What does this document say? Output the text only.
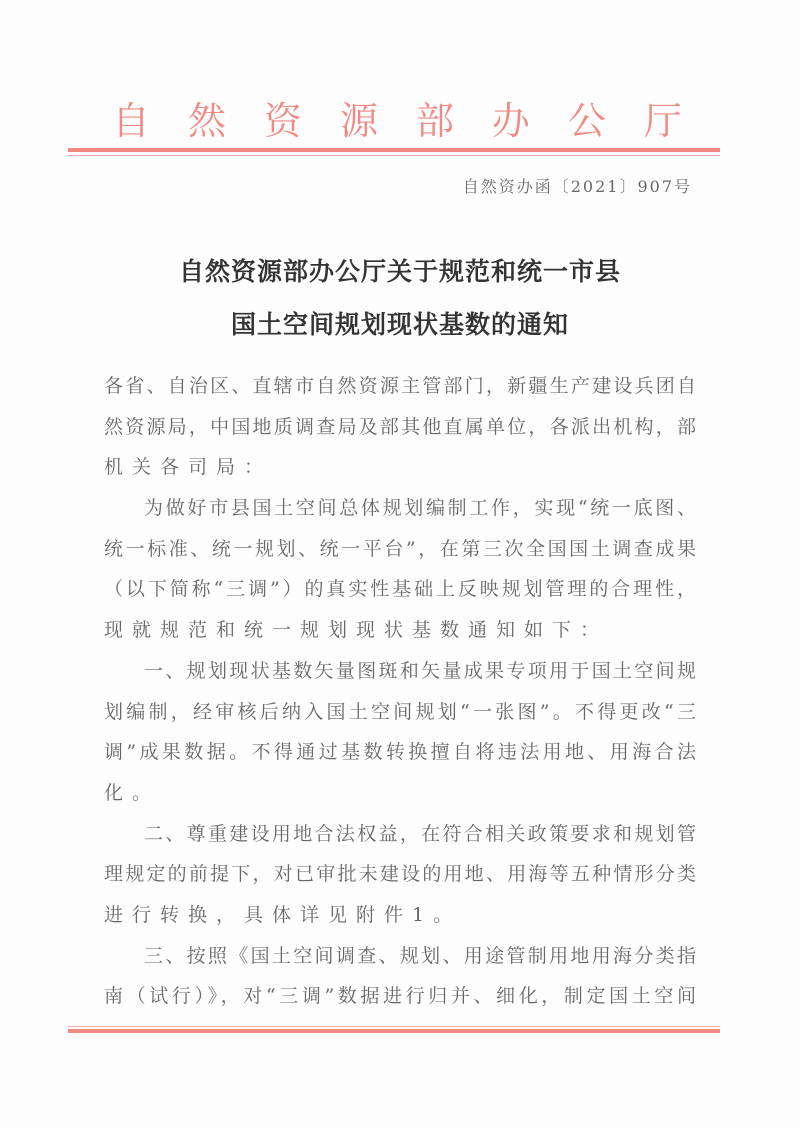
自 然 资 源 部 办 公 厅
自然资办函〔2021〕907号
自然资源部办公厅关于规范和统一市县
国土空间规划现状基数的通知
各省、自治区、直辖市自然资源主管部门，新疆生产建设兵团自
然资源局，中国地质调查局及部其他直属单位，各派出机构，部
机关各司局：
为做好市县国土空间总体规划编制工作，实现“统一底图、
统一标准、统一规划、统一平台”，在第三次全国国土调查成果
（以下简称“三调”）的真实性基础上反映规划管理的合理性，
现就规范和统一规划现状基数通知如下：
一、规划现状基数矢量图斑和矢量成果专项用于国土空间规
划编制，经审核后纳入国土空间规划“一张图”。不得更改“三
调”成果数据。不得通过基数转换擅自将违法用地、用海合法
化。
二、尊重建设用地合法权益，在符合相关政策要求和规划管
理规定的前提下，对已审批未建设的用地、用海等五种情形分类
进行转换，具体详见附件1。
三、按照《国土空间调查、规划、用途管制用地用海分类指
南（试行）》，对“三调”数据进行归并、细化，制定国土空间
